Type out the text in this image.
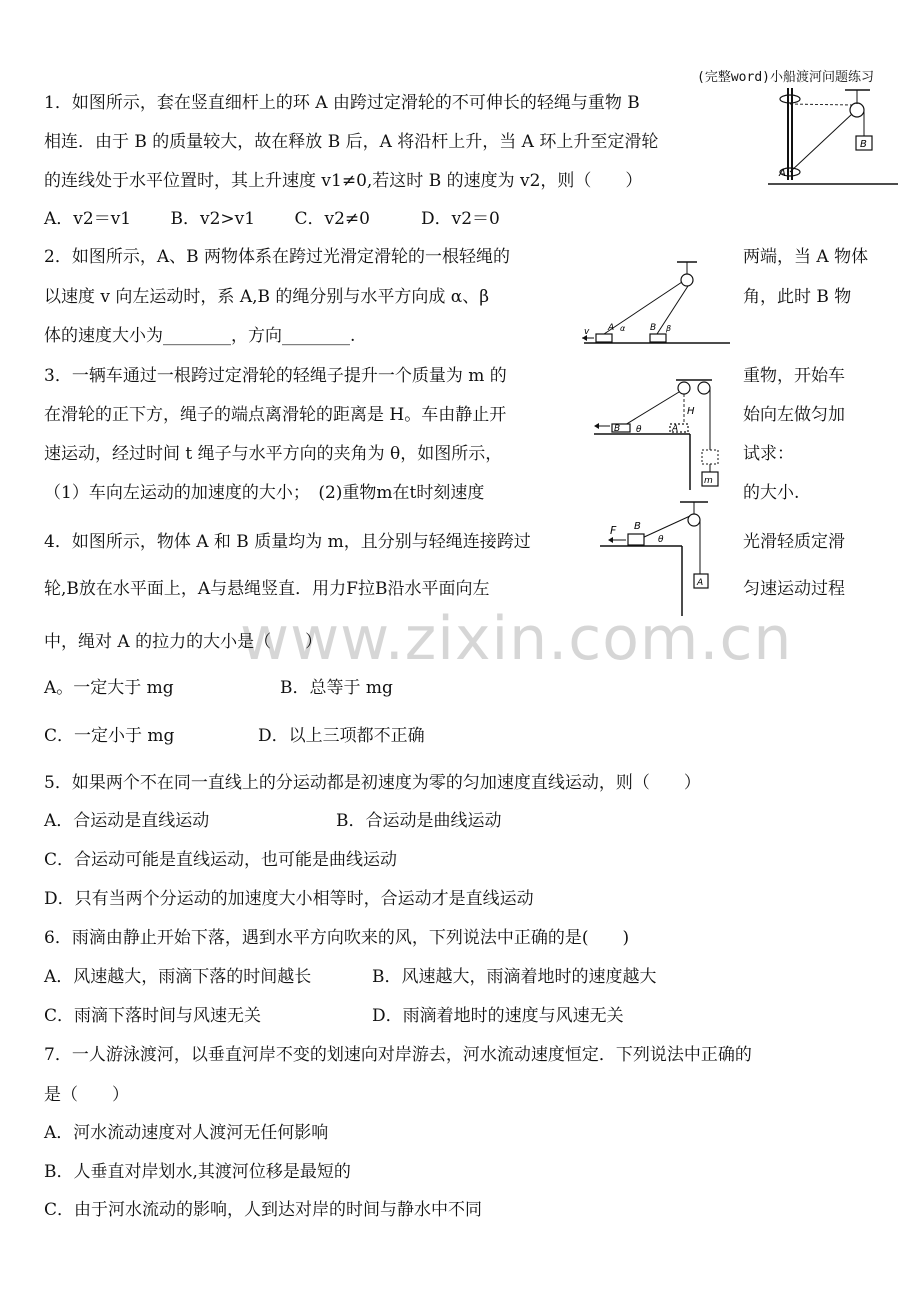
(完整word)小船渡河问题练习
www.zixin.com.cn
1．如图所示，套在竖直细杆上的环 A 由跨过定滑轮的不可伸长的轻绳与重物 B
相连．由于 B 的质量较大，故在释放 B 后，A 将沿杆上升，当 A 环上升至定滑轮
的连线处于水平位置时，其上升速度 v1≠0,若这时 B 的速度为 v2，则（　　）
A．v2＝v1　　 B．v2>v1　　 C．v2≠0　　　D．v2＝0
A
B
2．如图所示，A、B 两物体系在跨过光滑定滑轮的一根轻绳的	两端，当 A 物体
以速度 v 向左运动时，系 A,B 的绳分别与水平方向成 α、β	角，此时 B 物
体的速度大小为________，方向________.	v A α	B β
3．一辆车通过一根跨过定滑轮的轻绳子提升一个质量为 m 的	重物，开始车
在滑轮的正下方，绳子的端点离滑轮的距离是 H。车由静止开	始向左做匀加
速运动，经过时间 t 绳子与水平方向的夹角为 θ，如图所示，	试求：
（1）车向左运动的加速度的大小；　(2)重物m在t时刻速度	的大小.
B θ	A
H
m
4．如图所示，物体 A 和 B 质量均为 m，且分别与轻绳连接跨过	光滑轻质定滑
轮,B放在水平面上，A与悬绳竖直．用力F拉B沿水平面向左	匀速运动过程
中，绳对 A 的拉力的大小是（　　）
A。一定大于 mg	B．总等于 mg
C．一定小于 mg	D．以上三项都不正确
F B
θ
A
5．如果两个不在同一直线上的分运动都是初速度为零的匀加速度直线运动，则（　　）
A．合运动是直线运动	B．合运动是曲线运动
C．合运动可能是直线运动，也可能是曲线运动
D．只有当两个分运动的加速度大小相等时，合运动才是直线运动
6．雨滴由静止开始下落，遇到水平方向吹来的风，下列说法中正确的是(　　)
A．风速越大，雨滴下落的时间越长	B．风速越大，雨滴着地时的速度越大
C．雨滴下落时间与风速无关	D．雨滴着地时的速度与风速无关
7．一人游泳渡河，以垂直河岸不变的划速向对岸游去，河水流动速度恒定．下列说法中正确的
是（　　）
A．河水流动速度对人渡河无任何影响
B．人垂直对岸划水,其渡河位移是最短的
C．由于河水流动的影响，人到达对岸的时间与静水中不同
